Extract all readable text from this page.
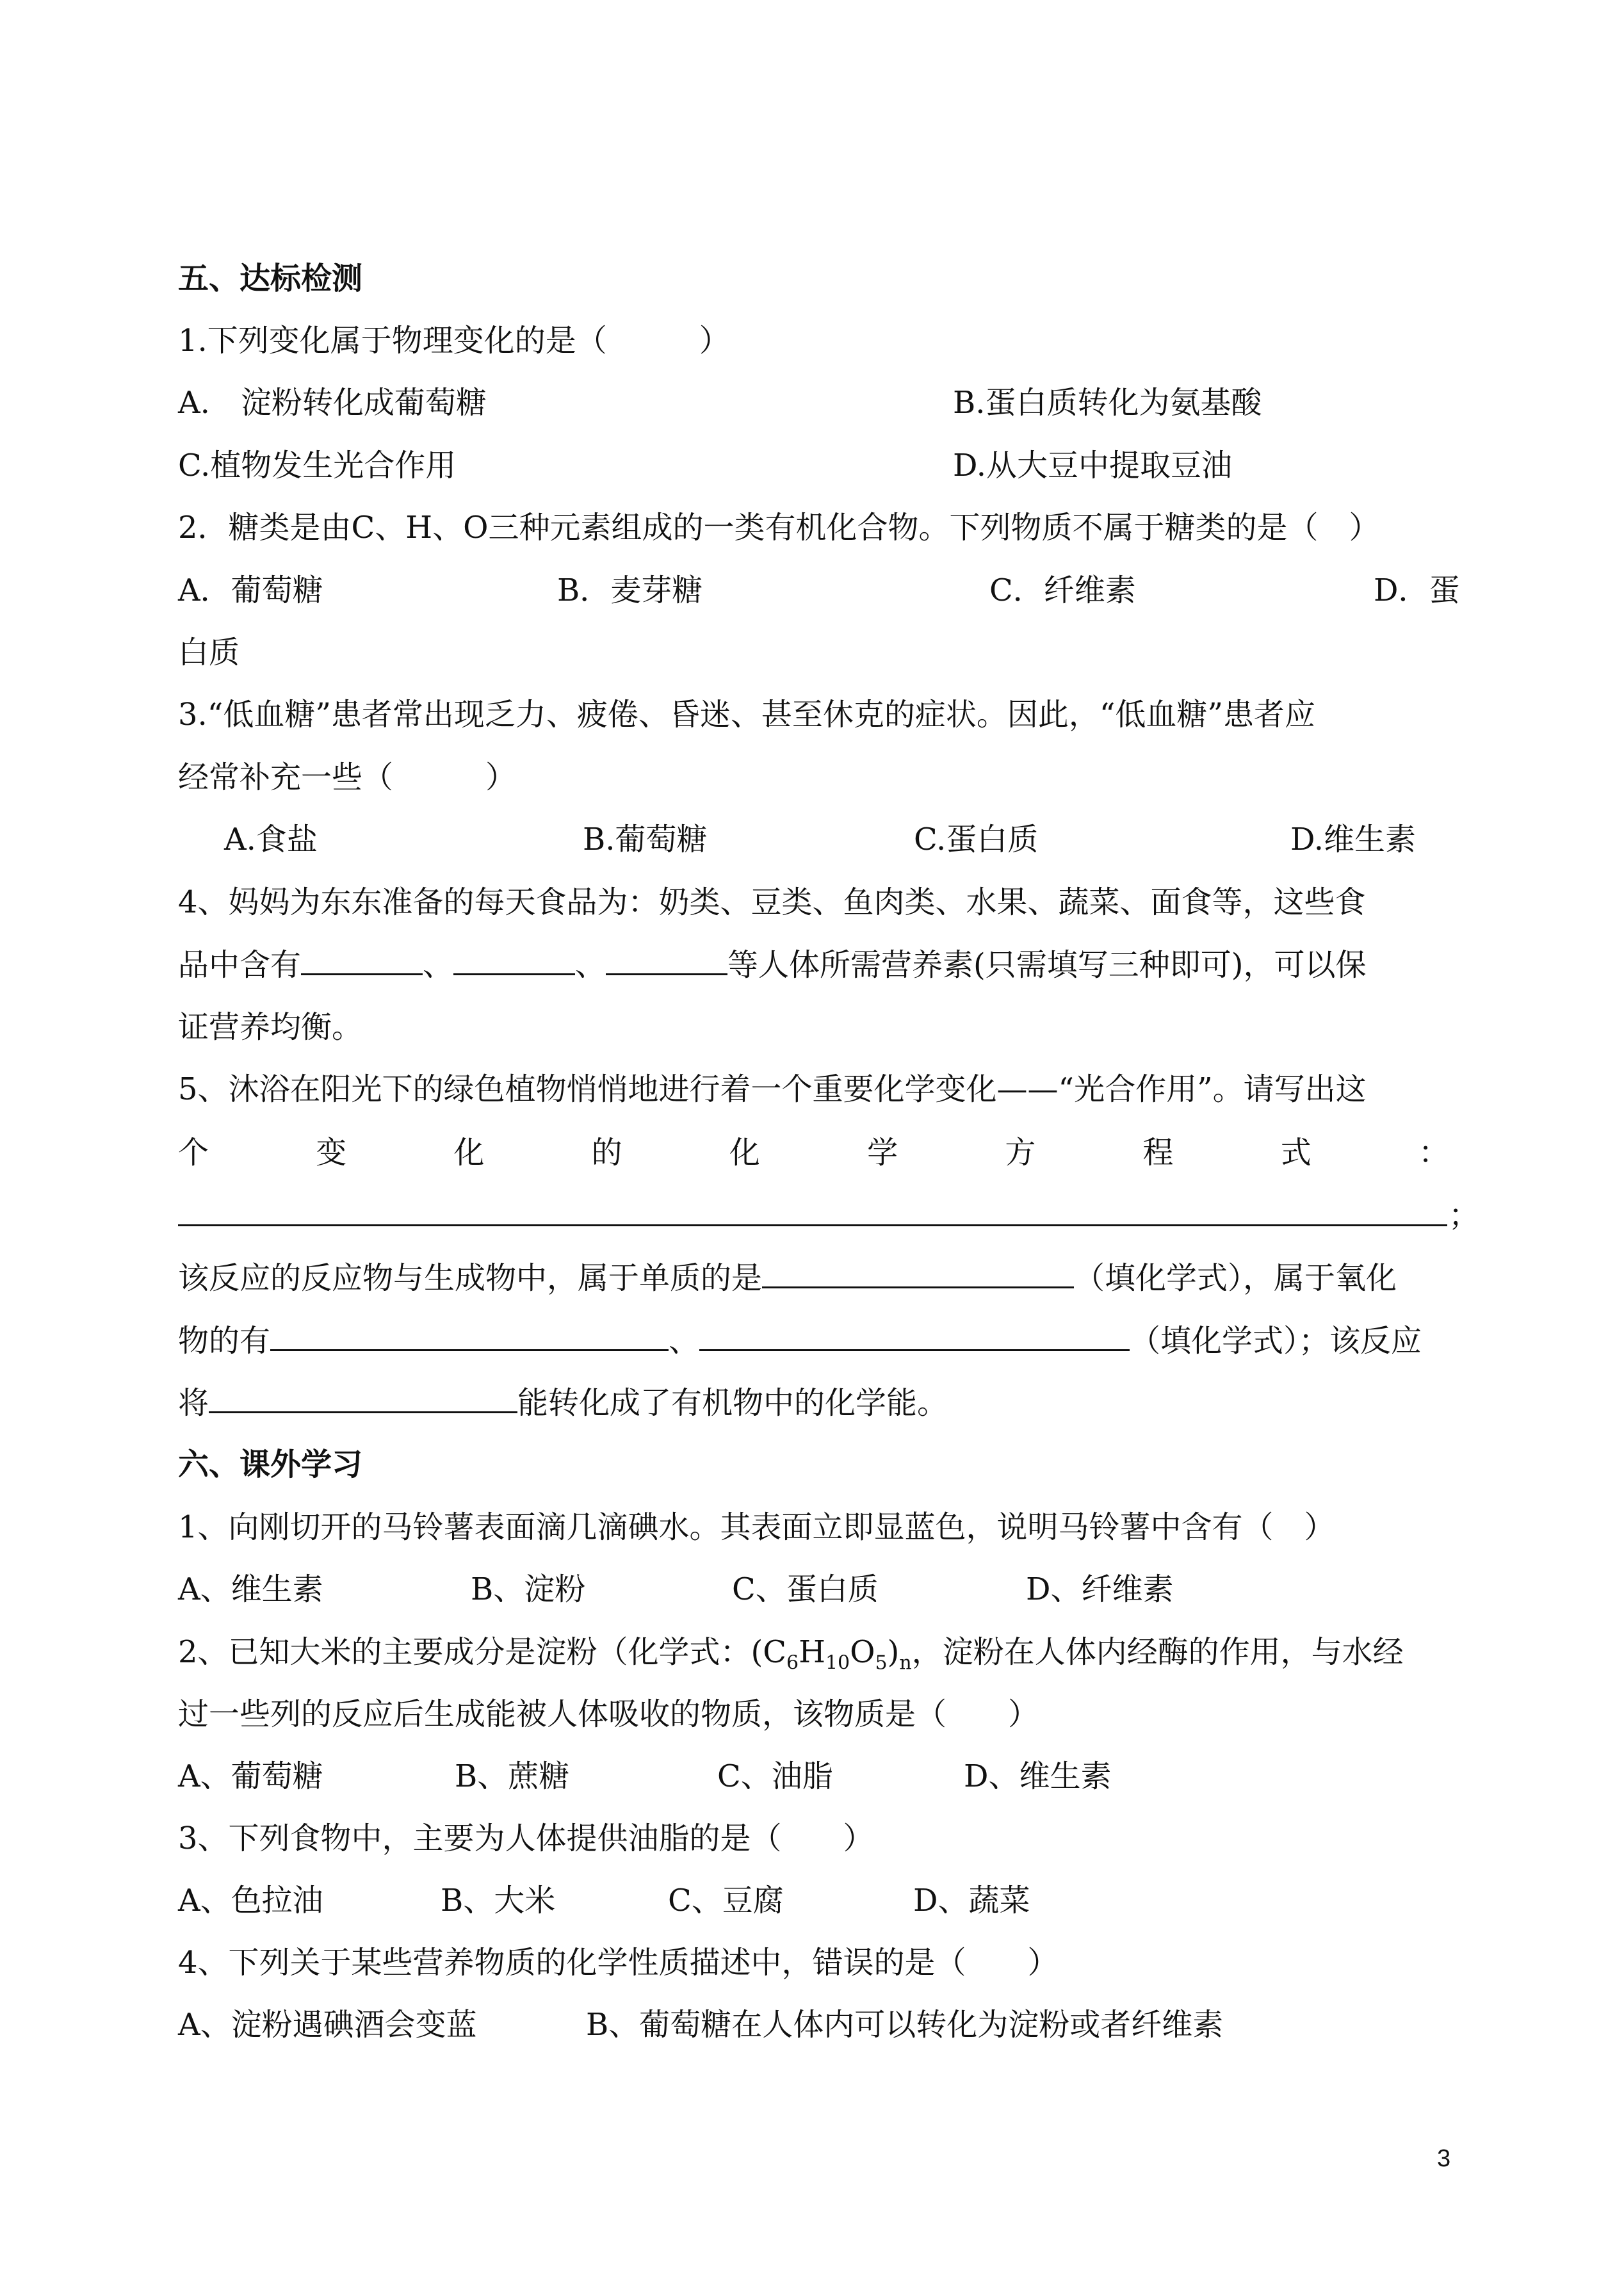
五、达标检测
1.下列变化属于物理变化的是（　　　）
A.　淀粉转化成葡萄糖	B.蛋白质转化为氨基酸
C.植物发生光合作用	D.从大豆中提取豆油
2．糖类是由C、H、O三种元素组成的一类有机化合物。下列物质不属于糖类的是（　）
A．葡萄糖	B．麦芽糖	C．纤维素	D．蛋
白质
3.“低血糖”患者常出现乏力、疲倦、昏迷、甚至休克的症状。因此，“低血糖”患者应
经常补充一些（　　　）
A.食盐	B.葡萄糖	C.蛋白质	D.维生素
4、妈妈为东东准备的每天食品为：奶类、豆类、鱼肉类、水果、蔬菜、面食等，这些食
品中含有	、	、	等人体所需营养素(只需填写三种即可)，可以保
证营养均衡。
5、沐浴在阳光下的绿色植物悄悄地进行着一个重要化学变化——“光合作用”。请写出这
个	变	化	的	化	学	方	程	式	：
；
该反应的反应物与生成物中，属于单质的是	（填化学式），属于氧化
物的有	、	（填化学式）；该反应
将	能转化成了有机物中的化学能。
六、课外学习
1、向刚切开的马铃薯表面滴几滴碘水。其表面立即显蓝色，说明马铃薯中含有（　）
A、维生素	B、淀粉	C、蛋白质	D、纤维素
2、已知大米的主要成分是淀粉（化学式：$(C_6H_{10}O_5)_n$，淀粉在人体内经酶的作用，与水经
过一些列的反应后生成能被人体吸收的物质，该物质是（　　）
A、葡萄糖	B、蔗糖	C、油脂	D、维生素
3、下列食物中，主要为人体提供油脂的是（　　）
A、色拉油	B、大米	C、豆腐	D、蔬菜
4、下列关于某些营养物质的化学性质描述中，错误的是（　　）
A、淀粉遇碘酒会变蓝	B、葡萄糖在人体内可以转化为淀粉或者纤维素
3
